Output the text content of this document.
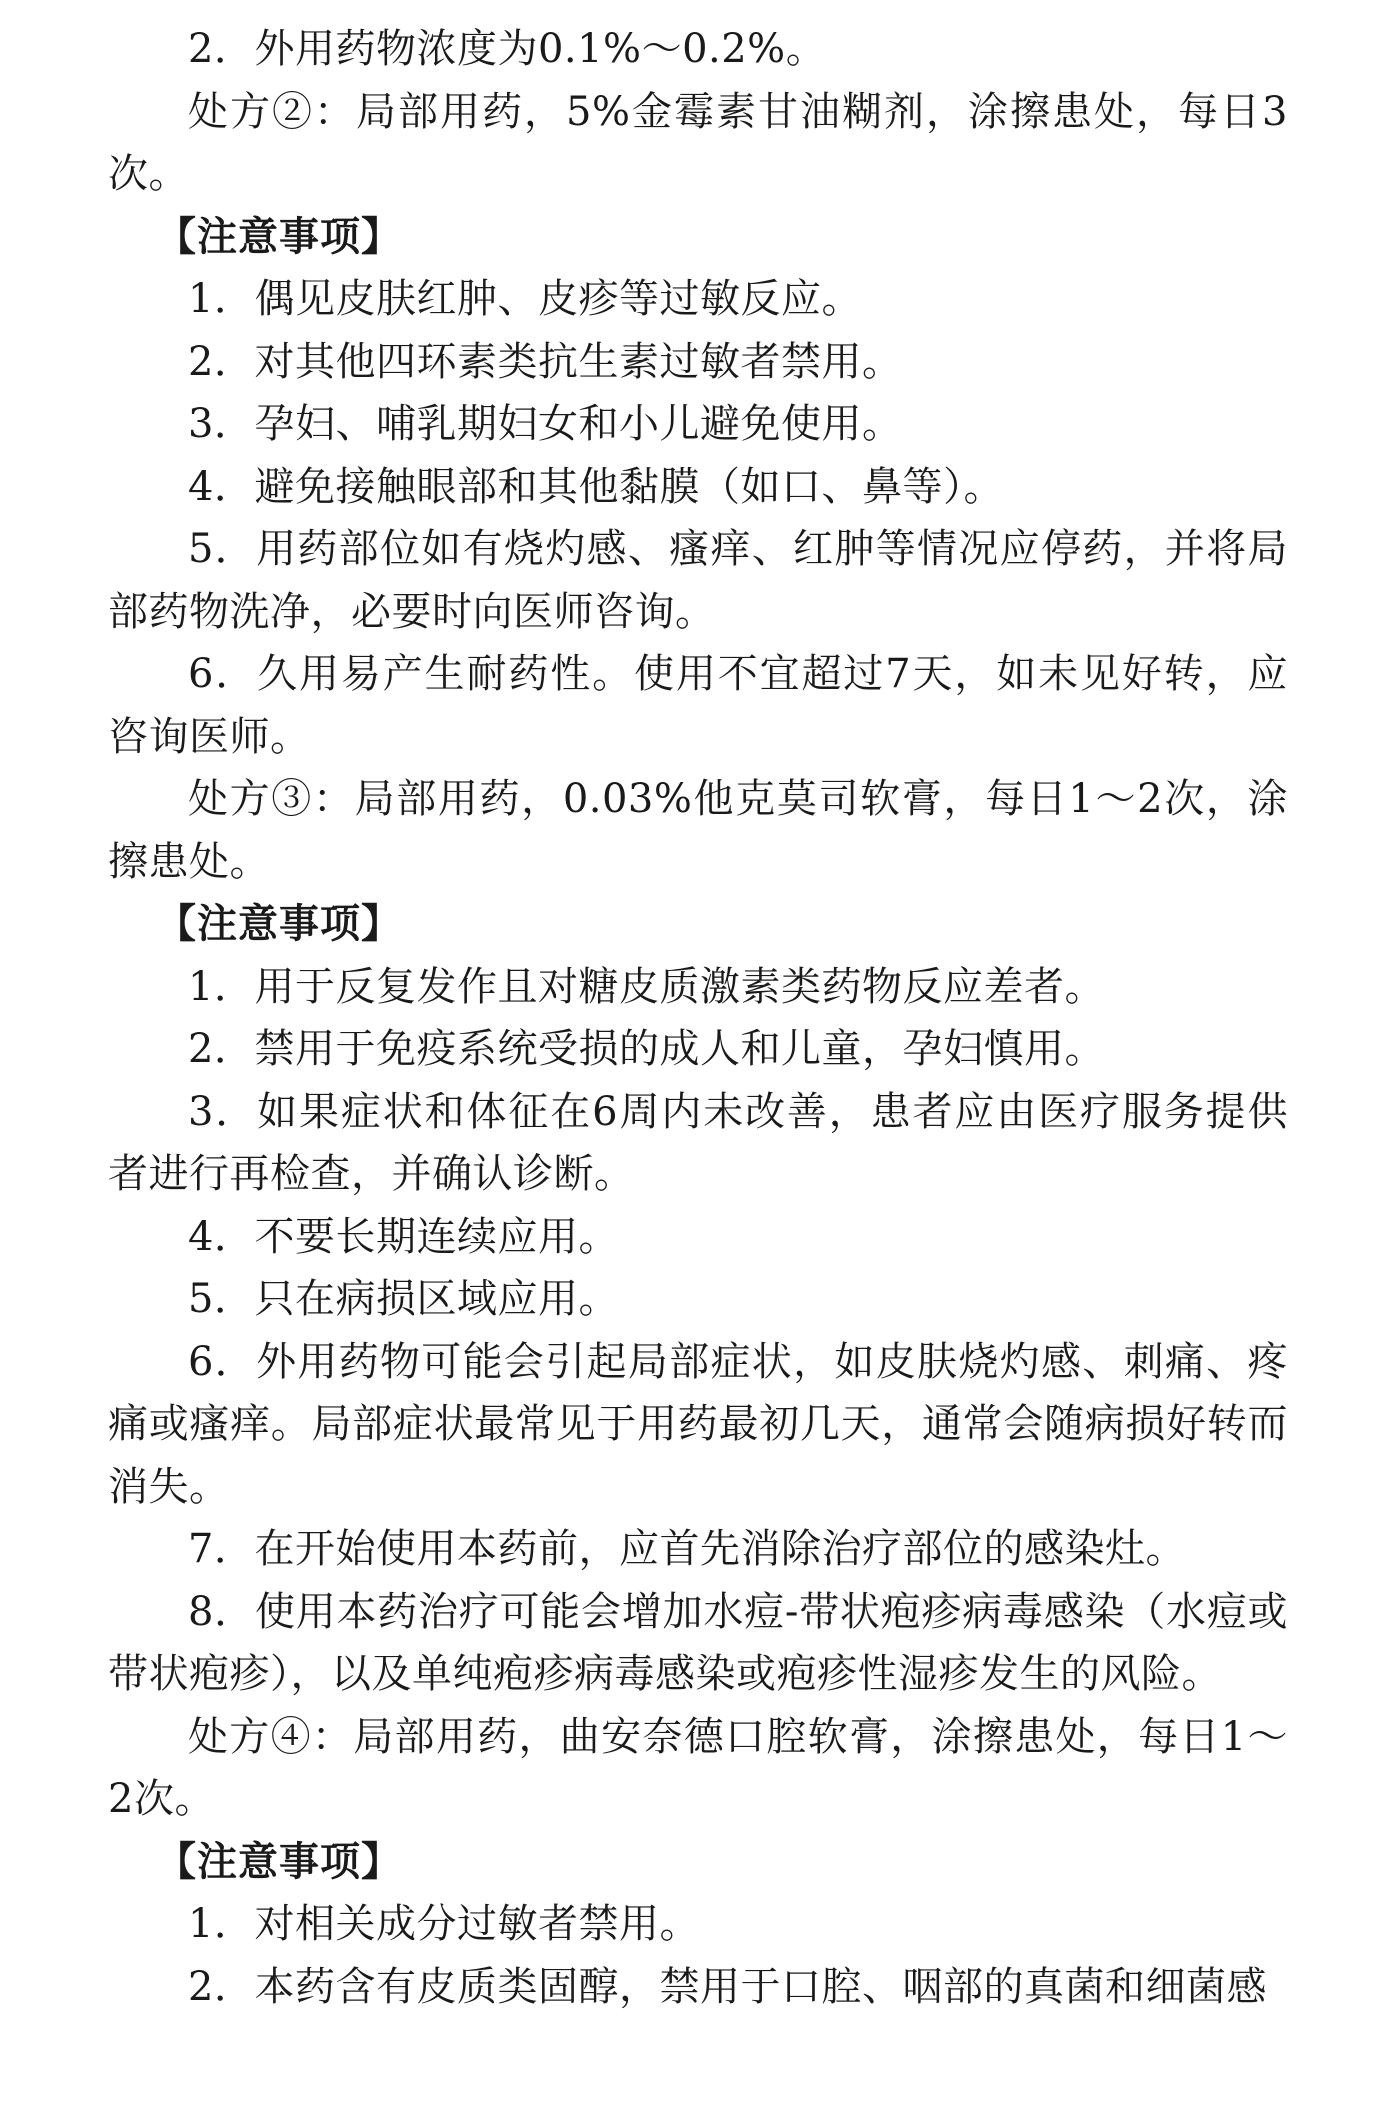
2．外用药物浓度为0.1%～0.2%。

处方②：局部用药，5%金霉素甘油糊剂，涂擦患处，每日3次。

【注意事项】

1．偶见皮肤红肿、皮疹等过敏反应。

2．对其他四环素类抗生素过敏者禁用。

3．孕妇、哺乳期妇女和小儿避免使用。

4．避免接触眼部和其他黏膜（如口、鼻等）。

5．用药部位如有烧灼感、瘙痒、红肿等情况应停药，并将局部药物洗净，必要时向医师咨询。

6．久用易产生耐药性。使用不宜超过7天，如未见好转，应咨询医师。

处方③：局部用药，0.03%他克莫司软膏，每日1～2次，涂擦患处。

【注意事项】

1．用于反复发作且对糖皮质激素类药物反应差者。

2．禁用于免疫系统受损的成人和儿童，孕妇慎用。

3．如果症状和体征在6周内未改善，患者应由医疗服务提供者进行再检查，并确认诊断。

4．不要长期连续应用。

5．只在病损区域应用。

6．外用药物可能会引起局部症状，如皮肤烧灼感、刺痛、疼痛或瘙痒。局部症状最常见于用药最初几天，通常会随病损好转而消失。

7．在开始使用本药前，应首先消除治疗部位的感染灶。

8．使用本药治疗可能会增加水痘-带状疱疹病毒感染（水痘或带状疱疹），以及单纯疱疹病毒感染或疱疹性湿疹发生的风险。

处方④：局部用药，曲安奈德口腔软膏，涂擦患处，每日1～2次。

【注意事项】

1．对相关成分过敏者禁用。

2．本药含有皮质类固醇，禁用于口腔、咽部的真菌和细菌感
